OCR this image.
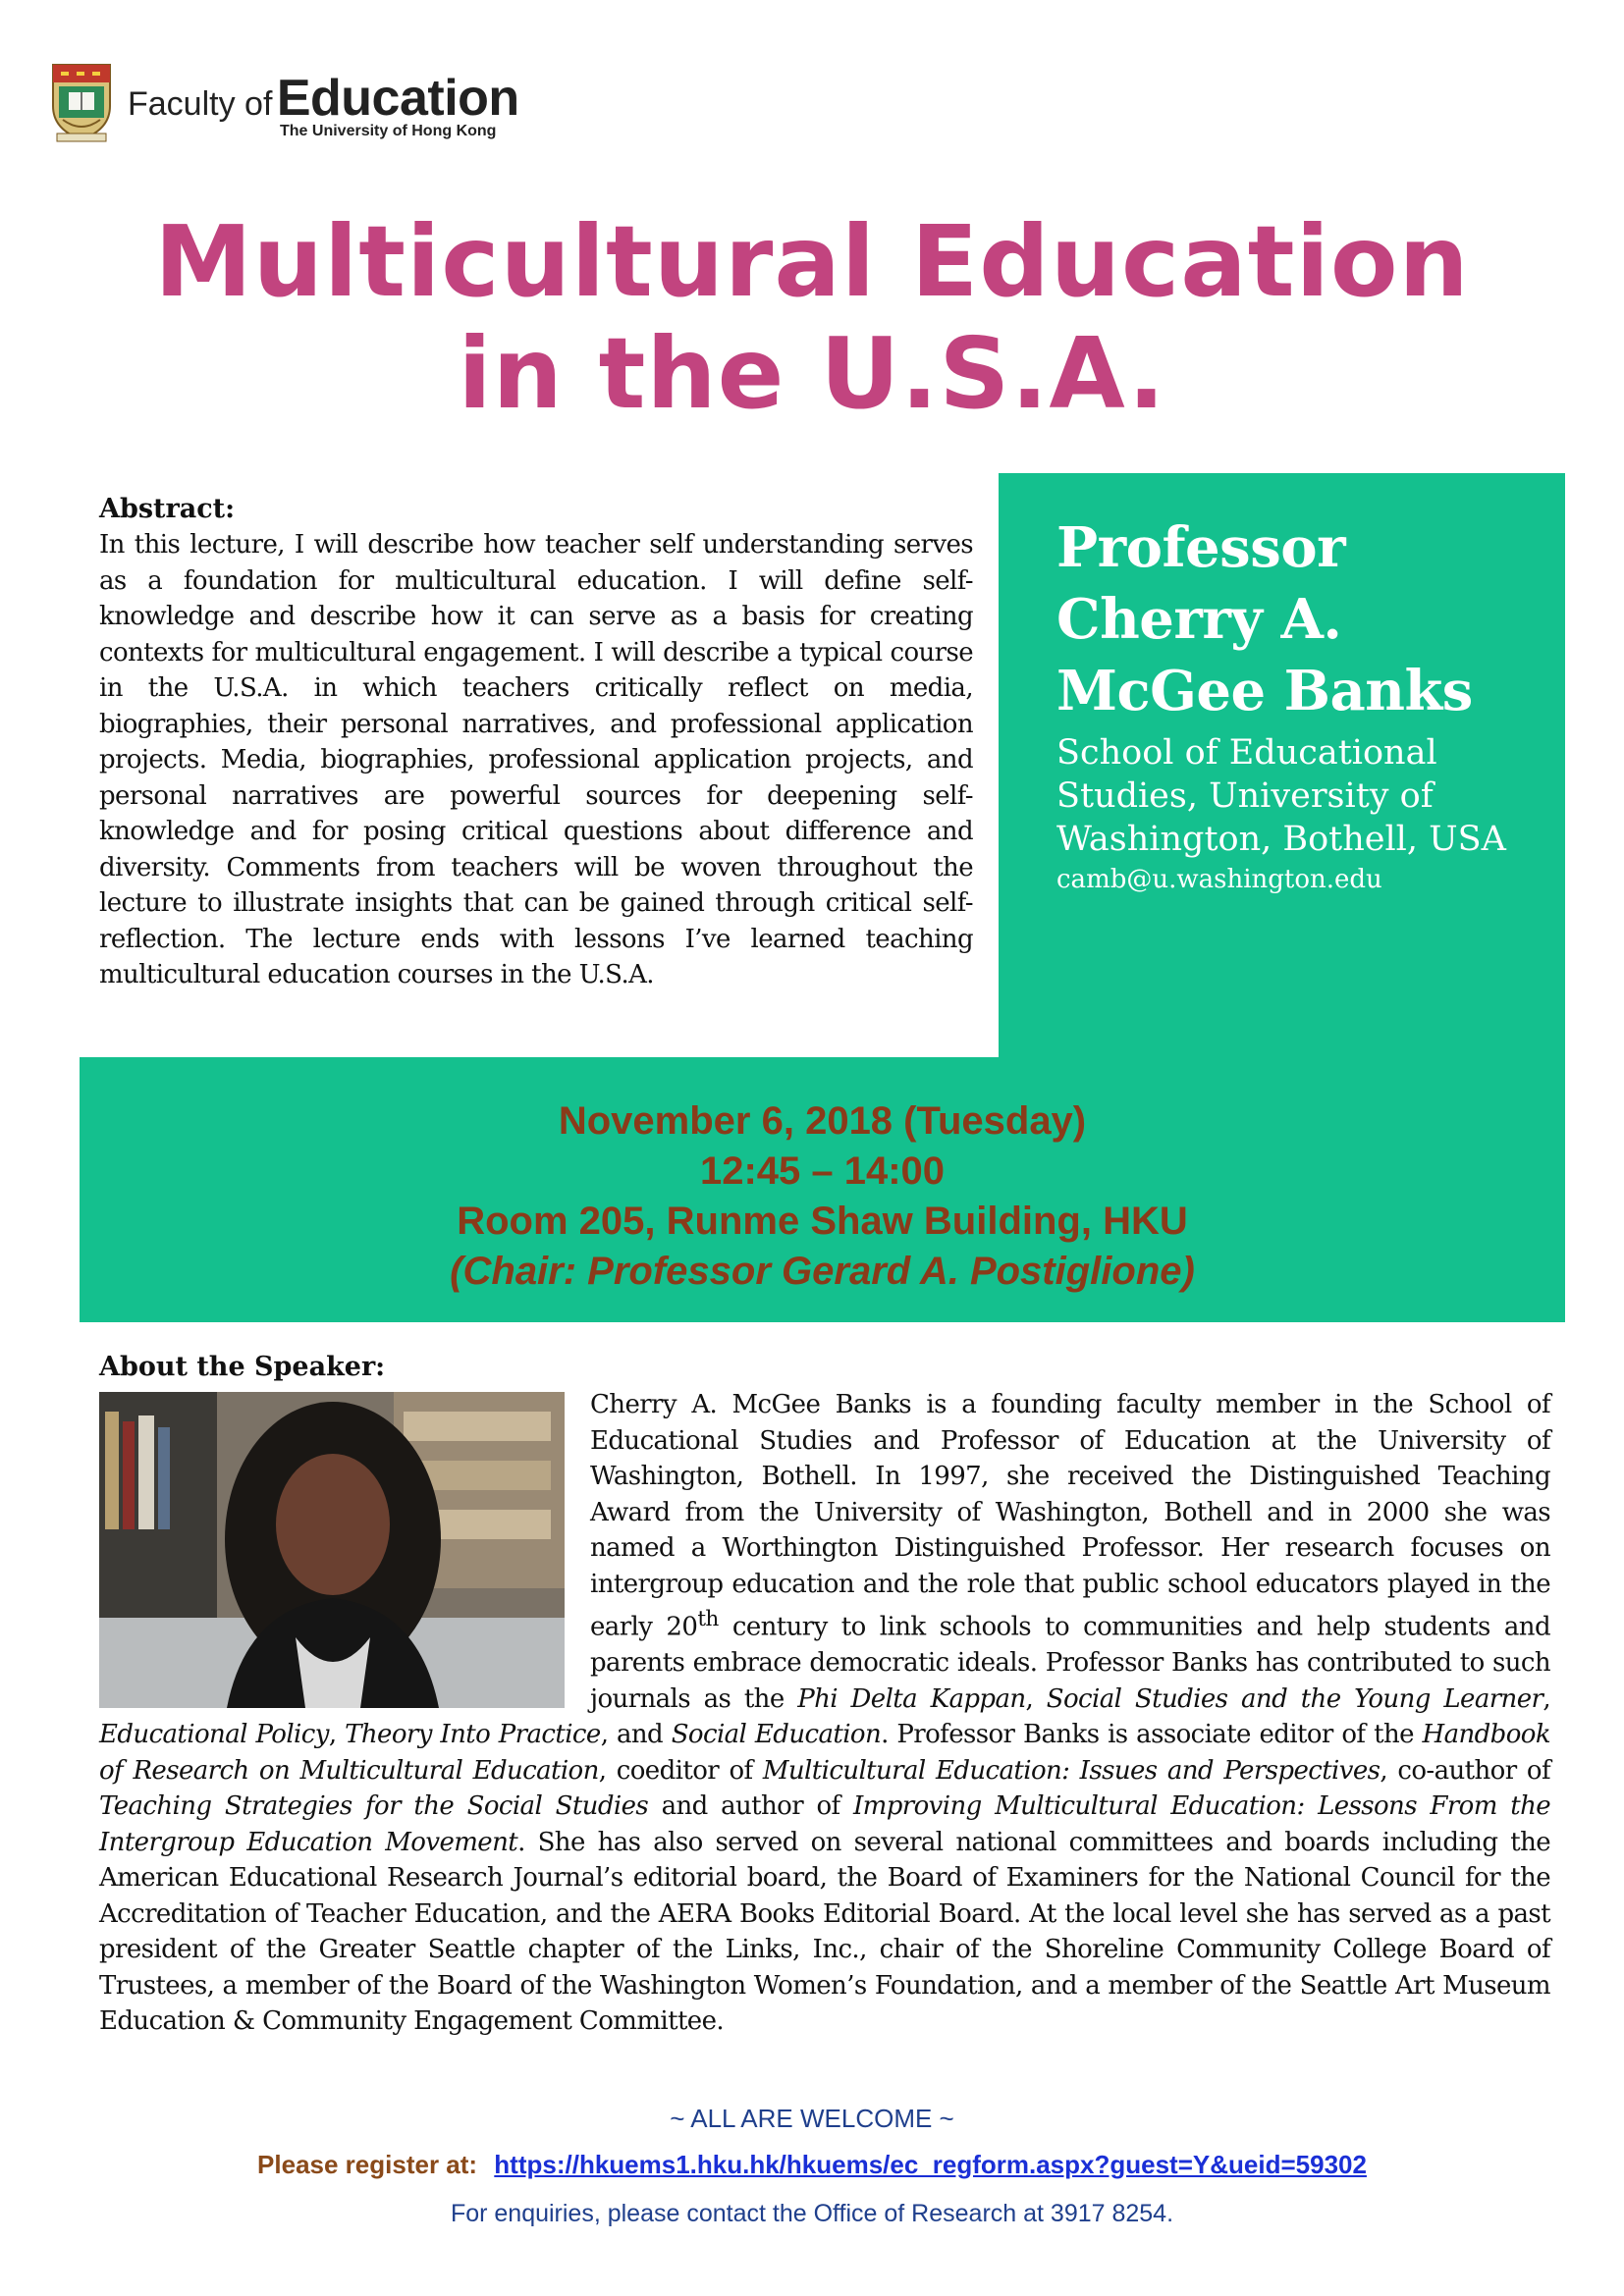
Faculty of Education
The University of Hong Kong
Multicultural Education
in the U.S.A.
Professor
Cherry A.
McGee Banks
School of Educational
Studies, University of
Washington, Bothell, USA
camb@u.washington.edu
Abstract:
In this lecture, I will describe how teacher self understanding serves as a foundation for multicultural education. I will define self-knowledge and describe how it can serve as a basis for creating contexts for multicultural engagement. I will describe a typical course in the U.S.A. in which teachers critically reflect on media, biographies, their personal narratives, and professional application projects. Media, biographies, professional application projects, and personal narratives are powerful sources for deepening self-knowledge and for posing critical questions about difference and diversity. Comments from teachers will be woven throughout the lecture to illustrate insights that can be gained through critical self-reflection. The lecture ends with lessons I’ve learned teaching multicultural education courses in the U.S.A.
November 6, 2018 (Tuesday)
12:45 – 14:00
Room 205, Runme Shaw Building, HKU
(Chair: Professor Gerard A. Postiglione)
About the Speaker:
Cherry A. McGee Banks is a founding faculty member in the School of Educational Studies and Professor of Education at the University of Washington, Bothell. In 1997, she received the Distinguished Teaching Award from the University of Washington, Bothell and in 2000 she was named a Worthington Distinguished Professor. Her research focuses on intergroup education and the role that public school educators played in the early 20th century to link schools to communities and help students and parents embrace democratic ideals. Professor Banks has contributed to such journals as the Phi Delta Kappan, Social Studies and the Young Learner, Educational Policy, Theory Into Practice, and Social Education. Professor Banks is associate editor of the Handbook of Research on Multicultural Education, coeditor of Multicultural Education: Issues and Perspectives, co-author of Teaching Strategies for the Social Studies and author of Improving Multicultural Education: Lessons From the Intergroup Education Movement. She has also served on several national committees and boards including the American Educational Research Journal’s editorial board, the Board of Examiners for the National Council for the Accreditation of Teacher Education, and the AERA Books Editorial Board. At the local level she has served as a past president of the Greater Seattle chapter of the Links, Inc., chair of the Shoreline Community College Board of Trustees, a member of the Board of the Washington Women’s Foundation, and a member of the Seattle Art Museum Education & Community Engagement Committee.
~ ALL ARE WELCOME ~
Please register at: https://hkuems1.hku.hk/hkuems/ec_regform.aspx?guest=Y&ueid=59302
For enquiries, please contact the Office of Research at 3917 8254.
